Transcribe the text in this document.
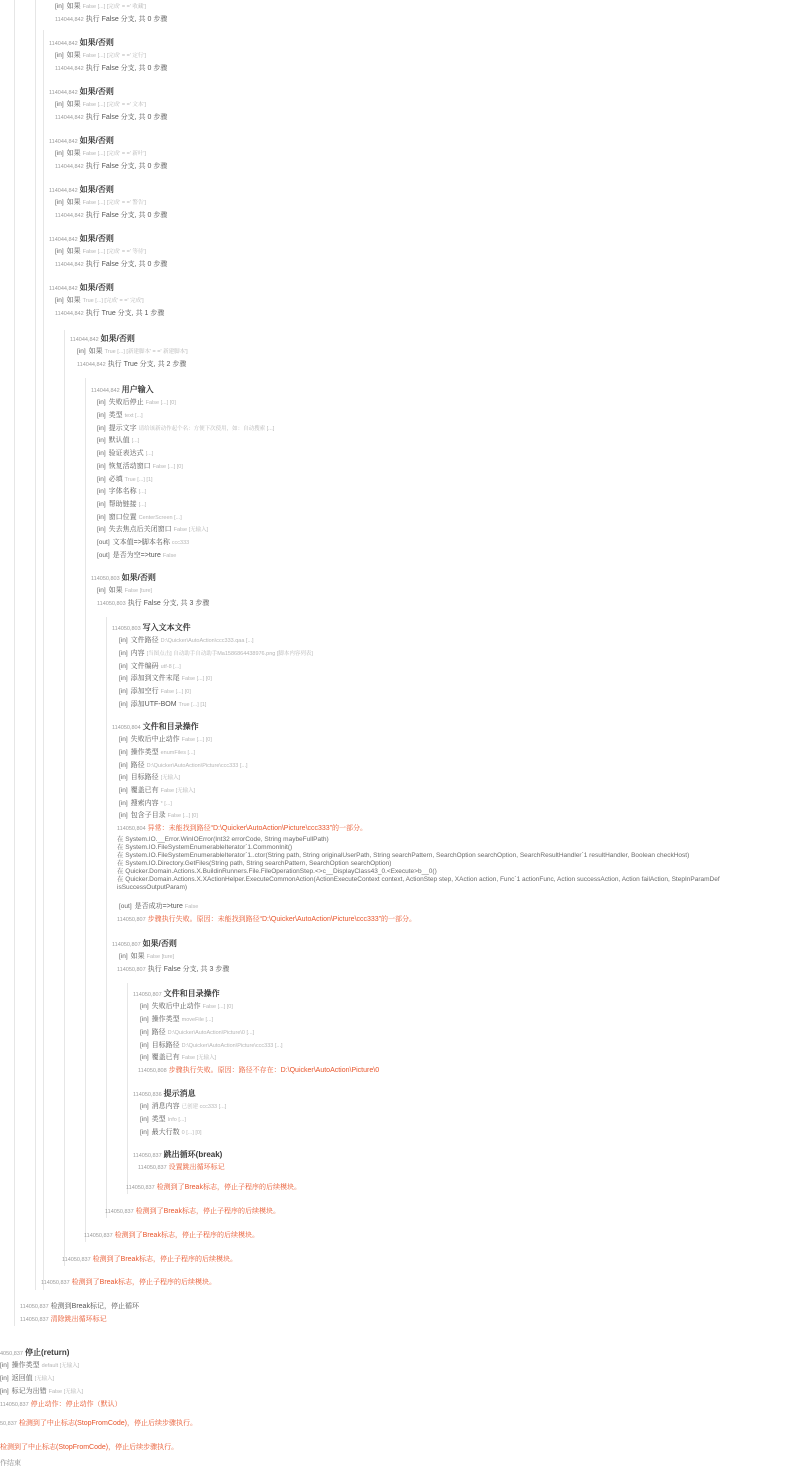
[in] 如果 False [...] [完成' = =' 收藏']
114044,842 执行 False 分支, 共 0 步骤
114044,842 如果/否则
[in] 如果 False [...] [完成' = =' 定行']
114044,842 执行 False 分支, 共 0 步骤
114044,842 如果/否则
[in] 如果 False [...] [完成' = =' 文本']
114044,842 执行 False 分支, 共 0 步骤
114044,842 如果/否则
[in] 如果 False [...] [完成' = =' 新叶']
114044,842 执行 False 分支, 共 0 步骤
114044,842 如果/否则
[in] 如果 False [...] [完成' = =' 警告']
114044,842 执行 False 分支, 共 0 步骤
114044,842 如果/否则
[in] 如果 False [...] [完成' = =' 等待']
114044,842 执行 False 分支, 共 0 步骤
114044,842 如果/否则
[in] 如果 True [...] [完成' = =' 完成']
114044,842 执行 True 分支, 共 1 步骤
114044,842 如果/否则
[in] 如果 True [...] [新建脚本' = =' 新建脚本']
114044,842 执行 True 分支, 共 2 步骤
114044,842 用户输入
[in] 失败后停止 False [...] [0]
[in] 类型 text [...]
[in] 提示文字 请给该新动作起个名：方便下次使用，如：自动搜索 [...]
[in] 默认值 [...]
[in] 验证表达式 [...]
[in] 恢复活动窗口 False [...] [0]
[in] 必填 True [...] [1]
[in] 字体名称 [...]
[in] 帮助链接 [...]
[in] 窗口位置 CenterScreen [...]
[in] 失去焦点后关闭窗口 False [无输入]
[out] 文本值=>脚本名称 ccc333
[out] 是否为空=>ture False
114050,803 如果/否则
[in] 如果 False [ture]
114050,803 执行 False 分支, 共 3 步骤
114050,803 写入文本文件
[in] 文件路径 D:\Quicker\AutoAction\ccc333.qaa [...]
[in] 内容 [当图点击] 自动助手自动助手Ma1586864438976.png [脚本内容列表]
[in] 文件编码 utf-8 [...]
[in] 添加到文件末尾 False [...] [0]
[in] 添加空行 False [...] [0]
[in] 添加UTF-BOM True [...] [1]
114050,804 文件和目录操作
[in] 失败后中止动作 False [...] [0]
[in] 操作类型 enumFiles [...]
[in] 路径 D:\Quicker\AutoAction\Picture\ccc333 [...]
[in] 目标路径 [无输入]
[in] 覆盖已有 False [无输入]
[in] 搜索内容 * [...]
[in] 包含子目录 False [...] [0]
114050,804 异常：未能找到路径“D:\Quicker\AutoAction\Picture\ccc333”的一部分。
在 System.IO.__Error.WinIOError(Int32 errorCode, String maybeFullPath)
在 System.IO.FileSystemEnumerableIterator`1.CommonInit()
在 System.IO.FileSystemEnumerableIterator`1..ctor(String path, String originalUserPath, String searchPattern, SearchOption searchOption, SearchResultHandler`1 resultHandler, Boolean checkHost)
在 System.IO.Directory.GetFiles(String path, String searchPattern, SearchOption searchOption)
在 Quicker.Domain.Actions.X.BuildinRunners.File.FileOperationStep.<>c__DisplayClass43_0.<Execute>b__0()
在 Quicker.Domain.Actions.X.XActionHelper.ExecuteCommonAction(ActionExecuteContext context, ActionStep step, XAction action, Func`1 actionFunc, Action successAction, Action failAction, StepInParamDef
isSuccessOutputParam)
[out] 是否成功=>ture False
114050,807 步骤执行失败。原因：未能找到路径“D:\Quicker\AutoAction\Picture\ccc333”的一部分。
114050,807 如果/否则
[in] 如果 False [ture]
114050,807 执行 False 分支, 共 3 步骤
114050,807 文件和目录操作
[in] 失败后中止动作 False [...] [0]
[in] 操作类型 moveFile [...]
[in] 路径 D:\Quicker\AutoAction\Picture\0 [...]
[in] 目标路径 D:\Quicker\AutoAction\Picture\ccc333 [...]
[in] 覆盖已有 False [无输入]
114050,808 步骤执行失败。原因：路径不存在：D:\Quicker\AutoAction\Picture\0
114050,836 提示消息
[in] 消息内容 已创建 ccc333 [...]
[in] 类型 Info [...]
[in] 最大行数 0 [...] [0]
114050,837 跳出循环(break)
114050,837 设置跳出循环标记
114050,837 检测到了Break标志，停止子程序的后续模块。
114050,837 检测到了Break标志，停止子程序的后续模块。
114050,837 检测到了Break标志，停止子程序的后续模块。
114050,837 检测到了Break标志，停止子程序的后续模块。
114050,837 检测到了Break标志，停止子程序的后续模块。
114050,837 检测到Break标记，停止循环
114050,837 清除跳出循环标记
4050,837 停止(return)
[in] 操作类型 default [无输入]
[in] 返回值 [无输入]
[in] 标记为出错 False [无输入]
114050,837 停止动作：停止动作（默认）
50,837 检测到了中止标志(StopFromCode)，停止后续步骤执行。
检测到了中止标志(StopFromCode)，停止后续步骤执行。
作结束
